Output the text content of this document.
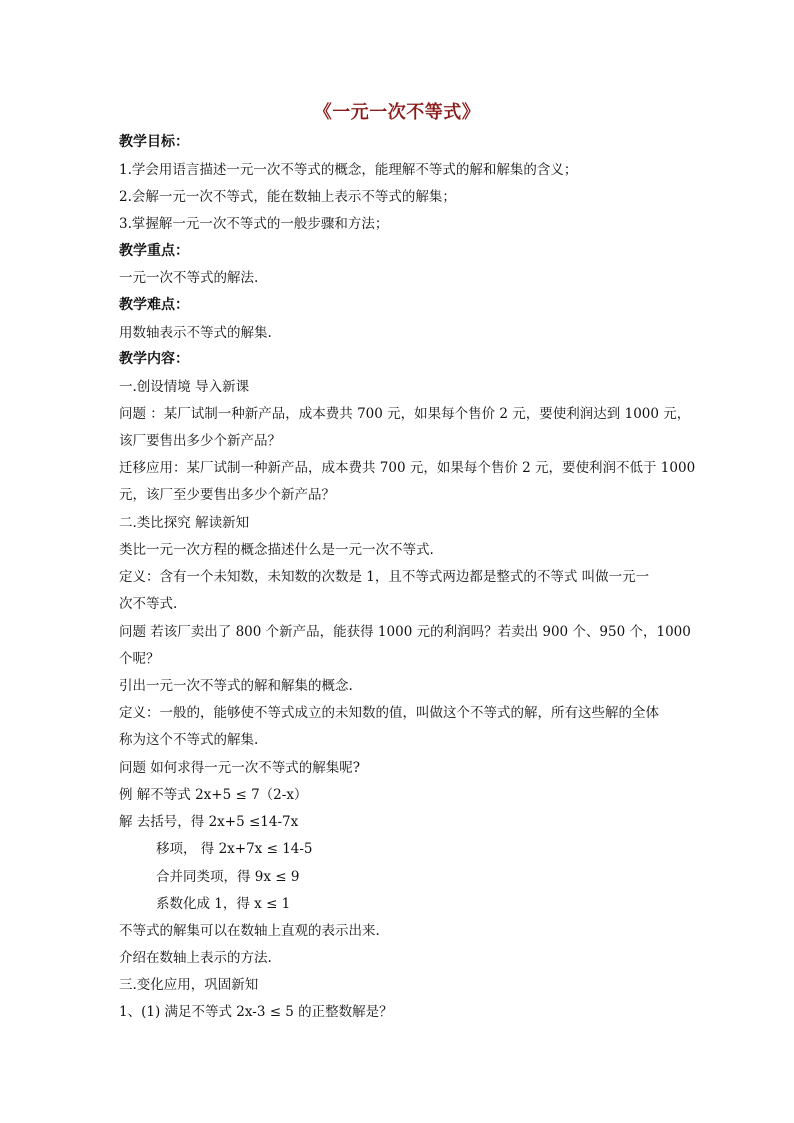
《一元一次不等式》
教学目标：
1.学会用语言描述一元一次不等式的概念，能理解不等式的解和解集的含义；
2.会解一元一次不等式，能在数轴上表示不等式的解集；
3.掌握解一元一次不等式的一般步骤和方法；
教学重点：
一元一次不等式的解法.
教学难点：
用数轴表示不等式的解集.
教学内容：
一.创设情境 导入新课
问题 ：某厂试制一种新产品，成本费共 700 元，如果每个售价 2 元，要使利润达到 1000 元，
该厂要售出多少个新产品？
迁移应用：某厂试制一种新产品，成本费共 700 元，如果每个售价 2 元，要使利润不低于 1000
元，该厂至少要售出多少个新产品？
二.类比探究 解读新知
类比一元一次方程的概念描述什么是一元一次不等式.
定义：含有一个未知数，未知数的次数是 1，且不等式两边都是整式的不等式 叫做一元一
次不等式.
问题 若该厂卖出了 800 个新产品，能获得 1000 元的利润吗？若卖出 900 个、950 个，1000
个呢？
引出一元一次不等式的解和解集的概念.
定义：一般的，能够使不等式成立的未知数的值，叫做这个不等式的解，所有这些解的全体
称为这个不等式的解集.
问题 如何求得一元一次不等式的解集呢?
例 解不等式 2x+5 ≤ 7（2-x）
解 去括号，得 2x+5 ≤14-7x
移项， 得 2x+7x ≤ 14-5
合并同类项，得 9x ≤ 9
系数化成 1，得 x ≤ 1
不等式的解集可以在数轴上直观的表示出来.
介绍在数轴上表示的方法.
三.变化应用，巩固新知
1、(1) 满足不等式 2x-3 ≤ 5 的正整数解是？
